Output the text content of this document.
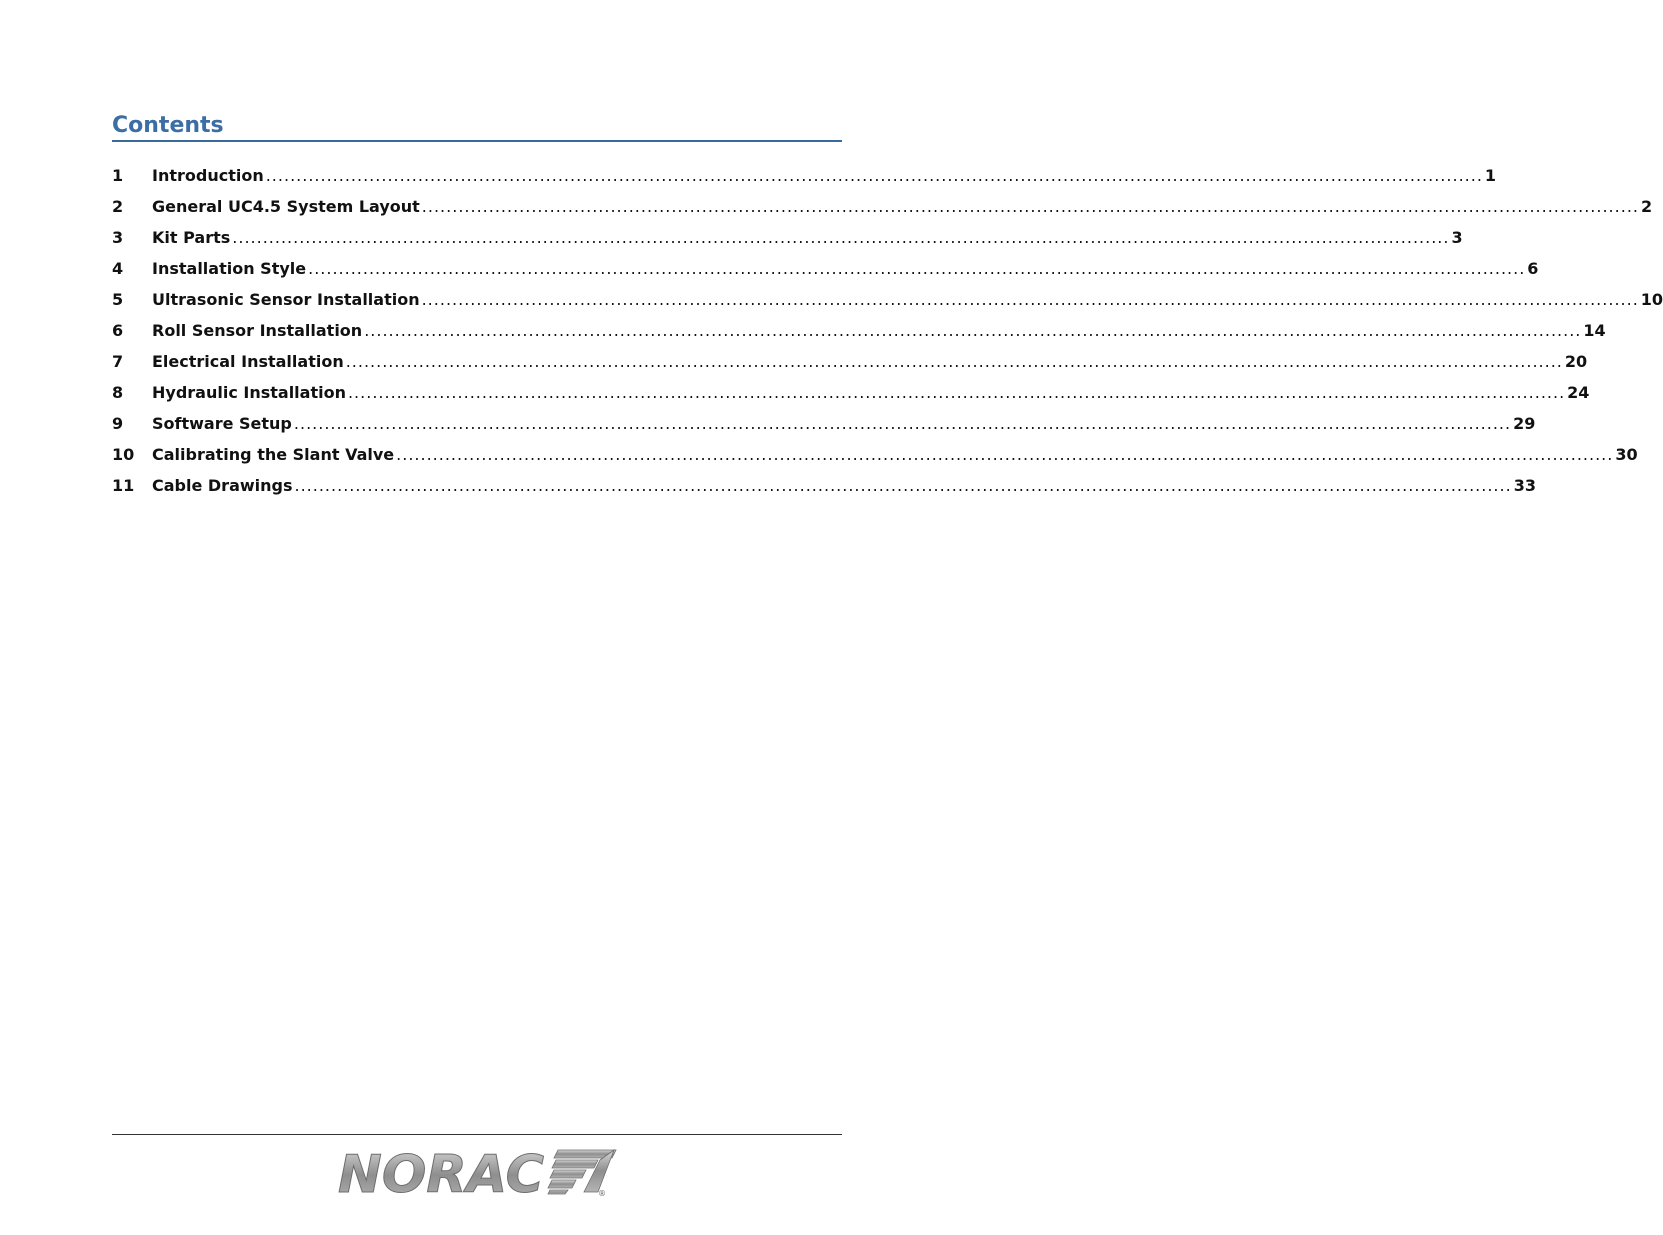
Contents
1	Introduction ........................................................................................................................................................................................................ 1
2	General UC4.5 System Layout ........................................................................................................................................................................................................ 2
3	Kit Parts ........................................................................................................................................................................................................ 3
4	Installation Style ........................................................................................................................................................................................................ 6
5	Ultrasonic Sensor Installation ........................................................................................................................................................................................................ 10
6	Roll Sensor Installation ........................................................................................................................................................................................................ 14
7	Electrical Installation ........................................................................................................................................................................................................ 20
8	Hydraulic Installation ........................................................................................................................................................................................................ 24
9	Software Setup ........................................................................................................................................................................................................ 29
10	Calibrating the Slant Valve ........................................................................................................................................................................................................ 30
11	Cable Drawings ........................................................................................................................................................................................................ 33
NORAC	®
